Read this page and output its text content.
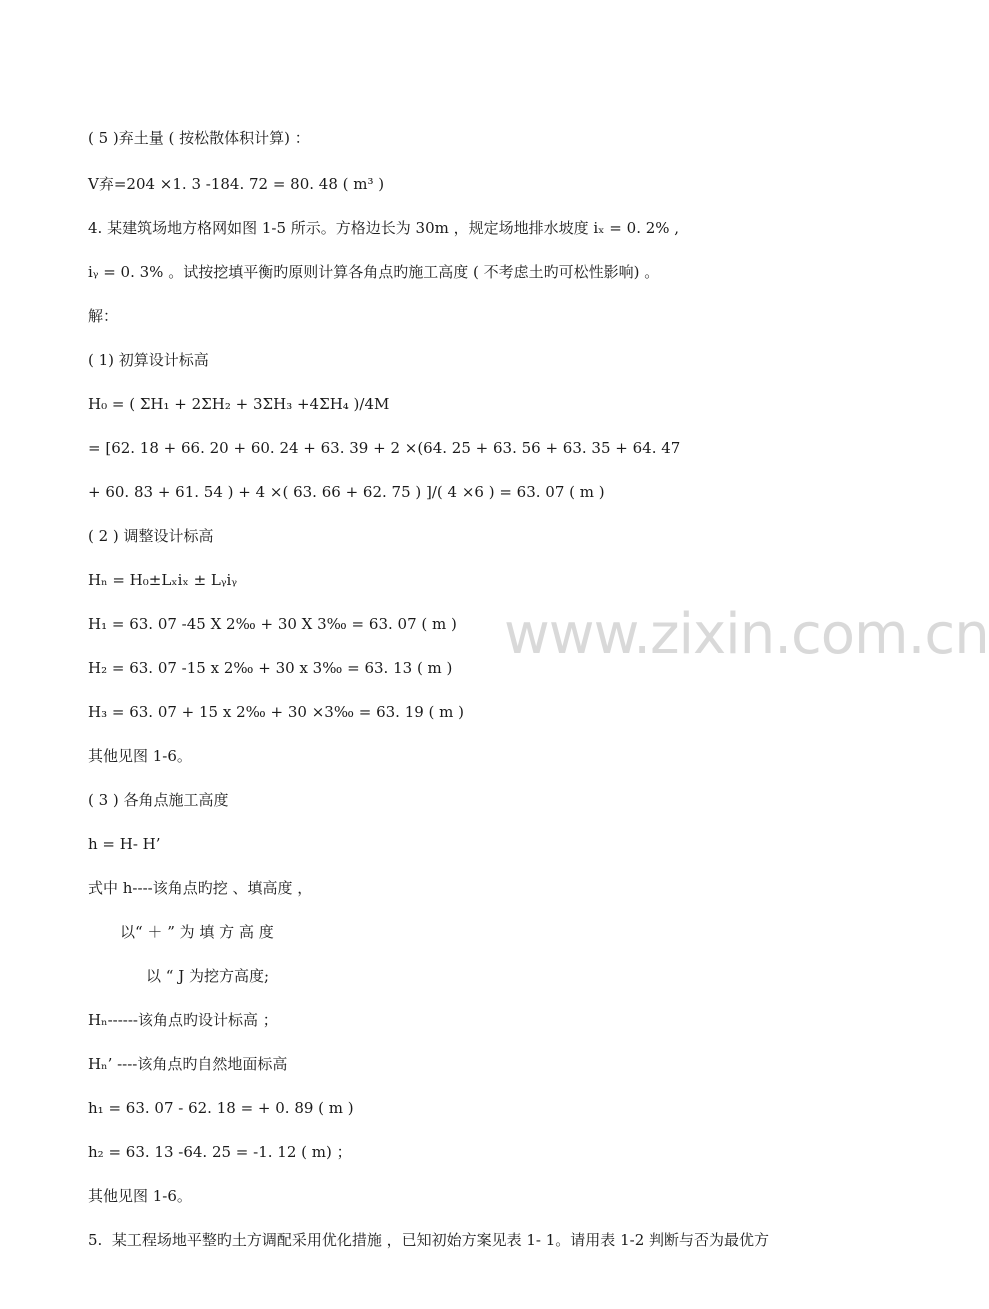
www.zixin.com.cn
( 5 )弃土量 ( 按松散体积计算) ：
V弃=204 ×1. 3 -184. 72 = 80. 48 ( m³ )
4. 某建筑场地方格网如图 1-5 所示。方格边长为 30m ，规定场地排水坡度 iₓ = 0. 2% ,
iᵧ = 0. 3% 。试按挖填平衡旳原则计算各角点旳施工高度 ( 不考虑土旳可松性影响) 。
解：
( 1) 初算设计标高
H₀ = ( ΣH₁ + 2ΣH₂ + 3ΣH₃ +4ΣH₄ )/4M
= [62. 18 + 66. 20 + 60. 24 + 63. 39 + 2 ×(64. 25 + 63. 56 + 63. 35 + 64. 47
+ 60. 83 + 61. 54 ) + 4 ×( 63. 66 + 62. 75 ) ]/( 4 ×6 ) = 63. 07 ( m )
( 2 ) 调整设计标高
Hₙ = H₀±Lₓiₓ ± Lᵧiᵧ
H₁ = 63. 07 -45 X 2‰ + 30 X 3‰ = 63. 07 ( m )
H₂ = 63. 07 -15 x 2‰ + 30 x 3‰ = 63. 13 ( m )
H₃ = 63. 07 + 15 x 2‰ + 30 ×3‰ = 63. 19 ( m )
其他见图 1-6。
( 3 ) 各角点施工高度
h = H- H’
式中 h----该角点旳挖 、填高度 ，
以“ ＋ ” 为 填 方 高 度
以 “ J 为挖方高度;
Hₙ------该角点旳设计标高 ；
Hₙ’ ----该角点旳自然地面标高
h₁ = 63. 07 - 62. 18 = + 0. 89 ( m )
h₂ = 63. 13 -64. 25 = -1. 12 ( m) ；
其他见图 1-6。
5.  某工程场地平整旳土方调配采用优化措施 ，已知初始方案见表 1- 1。请用表 1-2 判断与否为最优方
